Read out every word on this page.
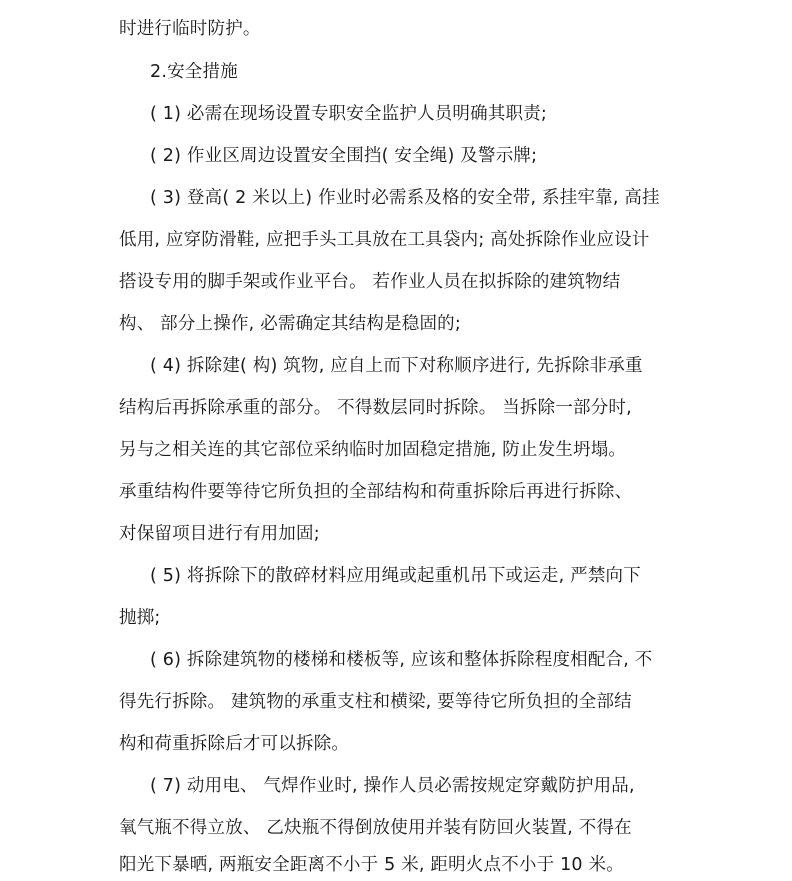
时进行临时防护。
2.安全措施
( 1) 必需在现场设置专职安全监护人员明确其职责;
( 2) 作业区周边设置安全围挡( 安全绳) 及警示牌;
( 3) 登高( 2 米以上) 作业时必需系及格的安全带, 系挂牢靠, 高挂
低用, 应穿防滑鞋, 应把手头工具放在工具袋内; 高处拆除作业应设计
搭设专用的脚手架或作业平台。 若作业人员在拟拆除的建筑物结
构、 部分上操作, 必需确定其结构是稳固的;
( 4) 拆除建( 构) 筑物, 应自上而下对称顺序进行, 先拆除非承重
结构后再拆除承重的部分。 不得数层同时拆除。 当拆除一部分时,
另与之相关连的其它部位采纳临时加固稳定措施, 防止发生坍塌。
承重结构件要等待它所负担的全部结构和荷重拆除后再进行拆除、
对保留项目进行有用加固;
( 5) 将拆除下的散碎材料应用绳或起重机吊下或运走, 严禁向下
抛掷;
( 6) 拆除建筑物的楼梯和楼板等, 应该和整体拆除程度相配合, 不
得先行拆除。 建筑物的承重支柱和横梁, 要等待它所负担的全部结
构和荷重拆除后才可以拆除。
( 7) 动用电、 气焊作业时, 操作人员必需按规定穿戴防护用品,
氧气瓶不得立放、 乙炔瓶不得倒放使用并装有防回火装置, 不得在
阳光下暴晒, 两瓶安全距离不小于 5 米, 距明火点不小于 10 米。
